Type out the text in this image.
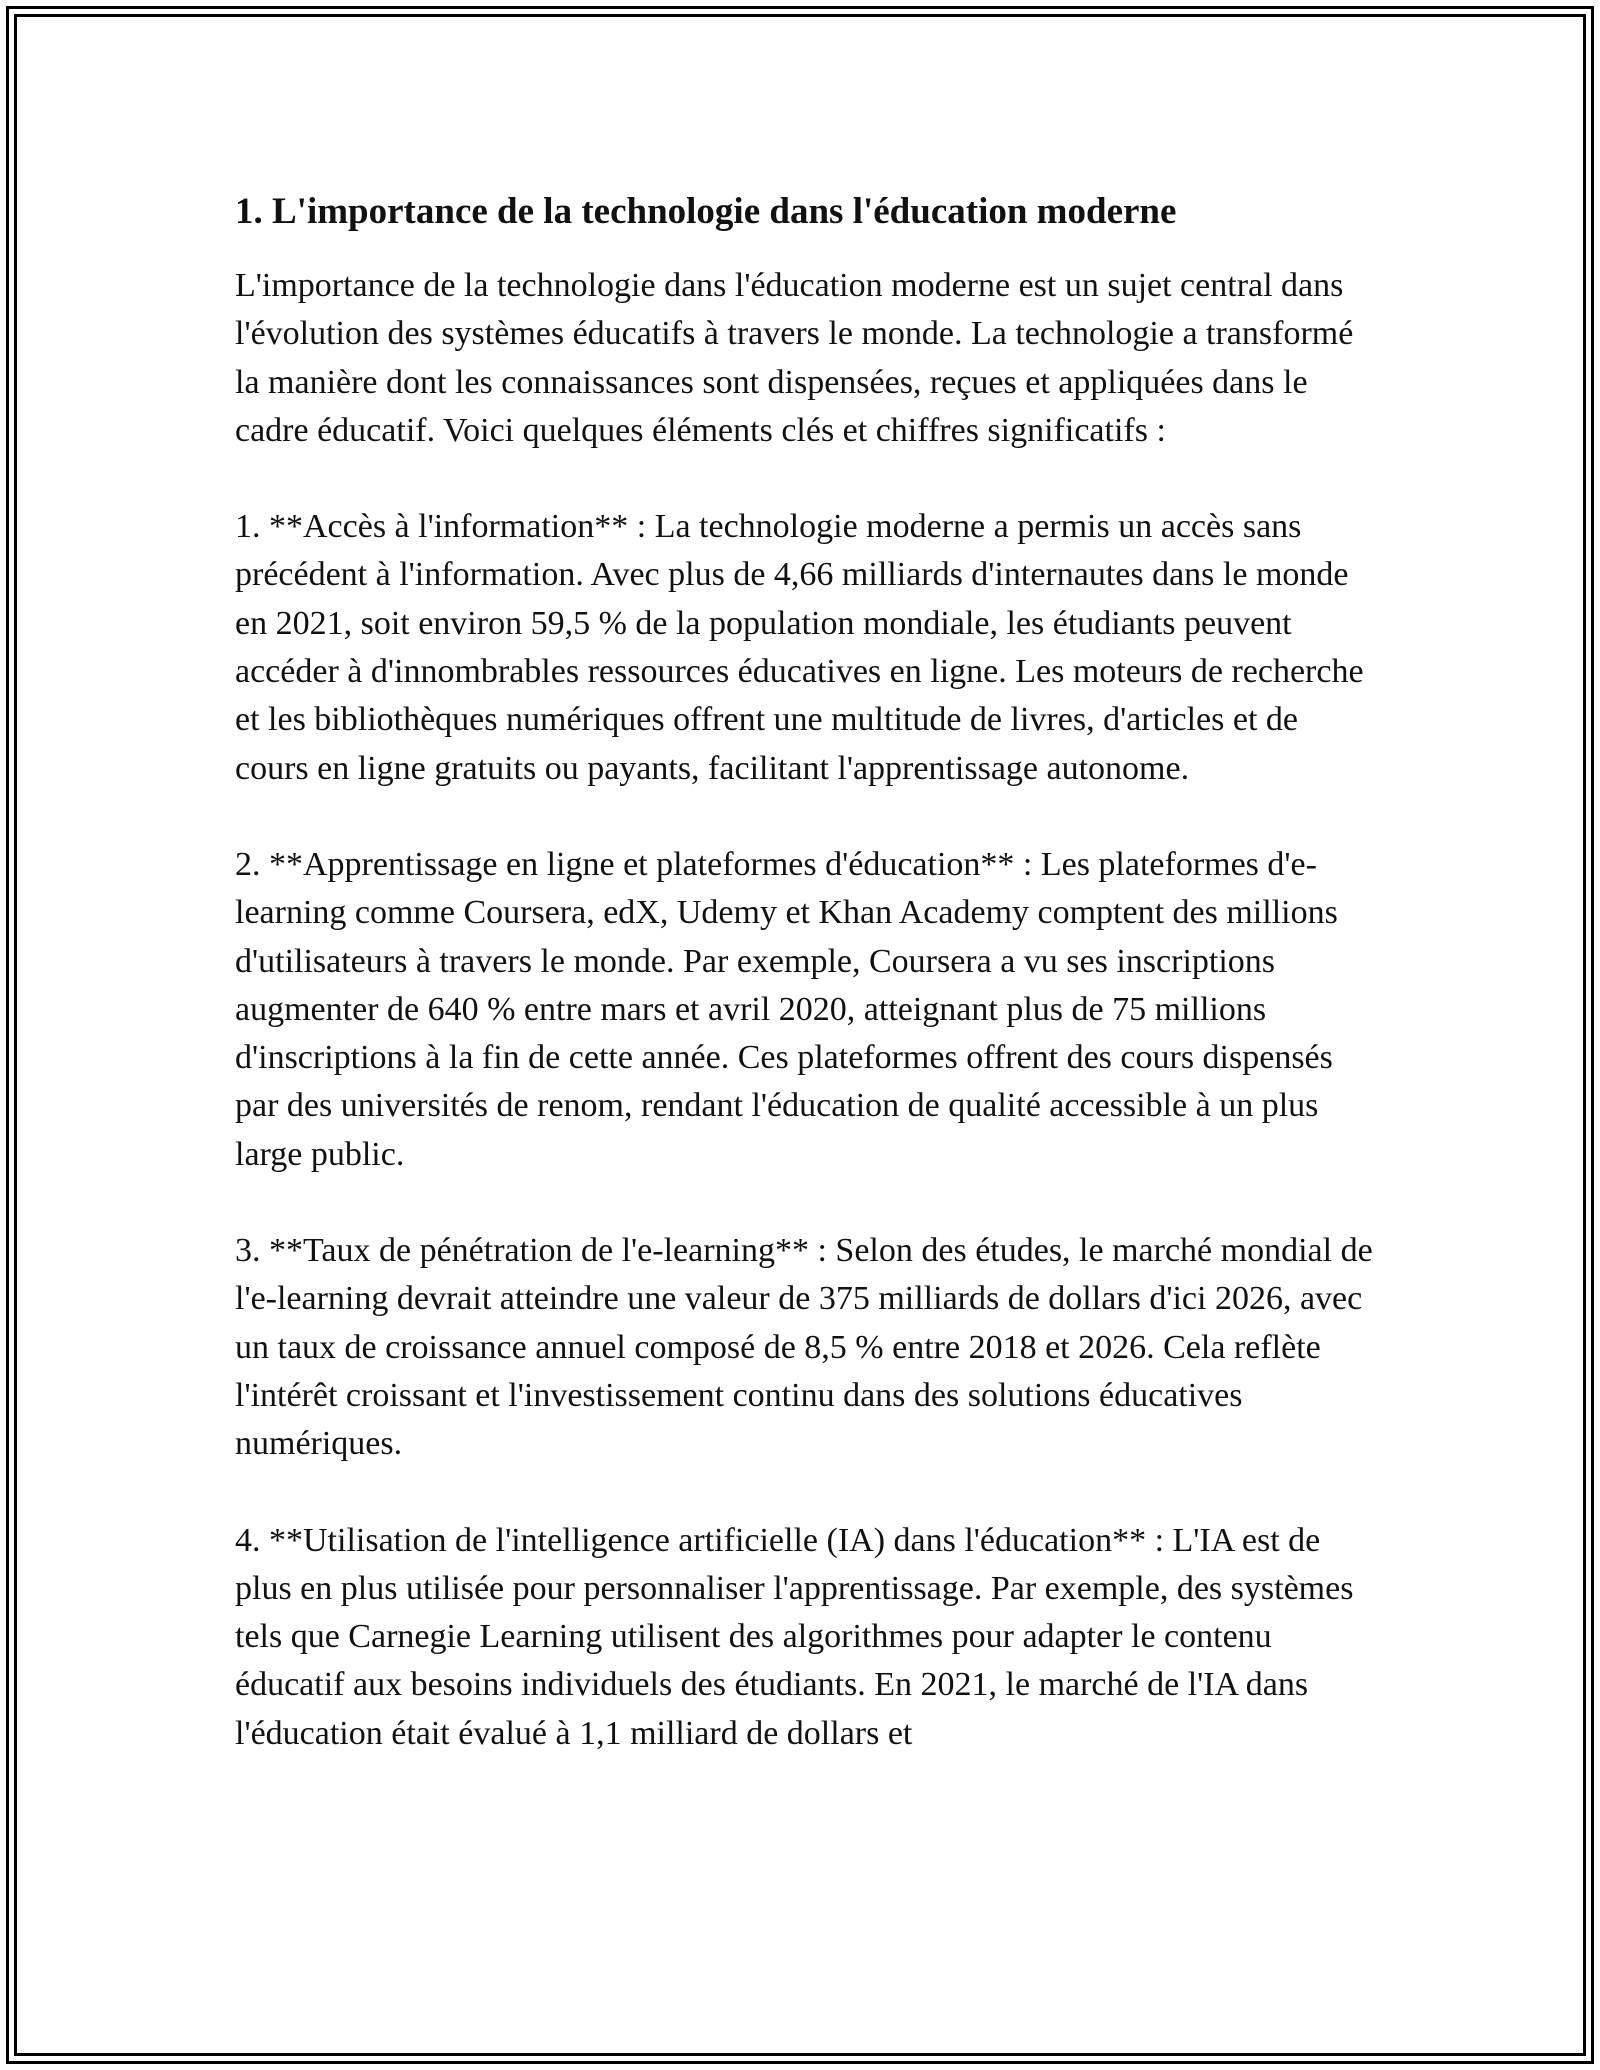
1. L'importance de la technologie dans l'éducation moderne

L'importance de la technologie dans l'éducation moderne est un sujet central dans l'évolution des systèmes éducatifs à travers le monde. La technologie a transformé la manière dont les connaissances sont dispensées, reçues et appliquées dans le cadre éducatif. Voici quelques éléments clés et chiffres significatifs :

1. **Accès à l'information** : La technologie moderne a permis un accès sans précédent à l'information. Avec plus de 4,66 milliards d'internautes dans le monde en 2021, soit environ 59,5 % de la population mondiale, les étudiants peuvent accéder à d'innombrables ressources éducatives en ligne. Les moteurs de recherche et les bibliothèques numériques offrent une multitude de livres, d'articles et de cours en ligne gratuits ou payants, facilitant l'apprentissage autonome.

2. **Apprentissage en ligne et plateformes d'éducation** : Les plateformes d'e-learning comme Coursera, edX, Udemy et Khan Academy comptent des millions d'utilisateurs à travers le monde. Par exemple, Coursera a vu ses inscriptions augmenter de 640 % entre mars et avril 2020, atteignant plus de 75 millions d'inscriptions à la fin de cette année. Ces plateformes offrent des cours dispensés par des universités de renom, rendant l'éducation de qualité accessible à un plus large public.

3. **Taux de pénétration de l'e-learning** : Selon des études, le marché mondial de l'e-learning devrait atteindre une valeur de 375 milliards de dollars d'ici 2026, avec un taux de croissance annuel composé de 8,5 % entre 2018 et 2026. Cela reflète l'intérêt croissant et l'investissement continu dans des solutions éducatives numériques.

4. **Utilisation de l'intelligence artificielle (IA) dans l'éducation** : L'IA est de plus en plus utilisée pour personnaliser l'apprentissage. Par exemple, des systèmes tels que Carnegie Learning utilisent des algorithmes pour adapter le contenu éducatif aux besoins individuels des étudiants. En 2021, le marché de l'IA dans l'éducation était évalué à 1,1 milliard de dollars et
